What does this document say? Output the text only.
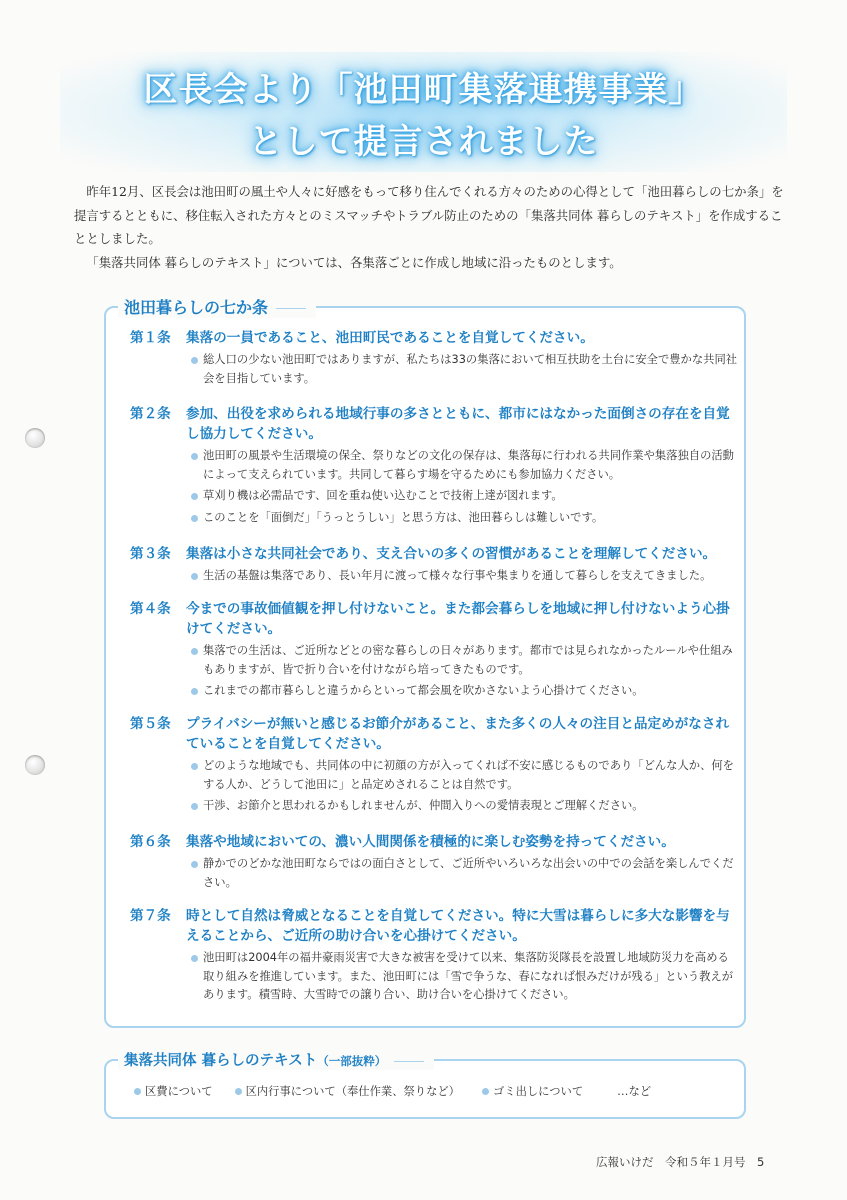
区長会より「池田町集落連携事業」
として提言されました

昨年12月、区長会は池田町の風土や人々に好感をもって移り住んでくれる方々のための心得として「池田暮らしの七か条」を提言するとともに、移住転入された方々とのミスマッチやトラブル防止のための「集落共同体 暮らしのテキスト」を作成することとしました。

「集落共同体 暮らしのテキスト」については、各集落ごとに作成し地域に沿ったものとします。

池田暮らしの七か条
第１条	集落の一員であること、池田町民であることを自覚してください。
総人口の少ない池田町ではありますが、私たちは33の集落において相互扶助を土台に安全で豊かな共同社会を目指しています。
第２条	参加、出役を求められる地域行事の多さとともに、都市にはなかった面倒さの存在を自覚し協力してください。
池田町の風景や生活環境の保全、祭りなどの文化の保存は、集落毎に行われる共同作業や集落独自の活動によって支えられています。共同して暮らす場を守るためにも参加協力ください。
草刈り機は必需品です、回を重ね使い込むことで技術上達が図れます。
このことを「面倒だ」「うっとうしい」と思う方は、池田暮らしは難しいです。
第３条	集落は小さな共同社会であり、支え合いの多くの習慣があることを理解してください。
生活の基盤は集落であり、長い年月に渡って様々な行事や集まりを通して暮らしを支えてきました。
第４条	今までの事故価値観を押し付けないこと。また都会暮らしを地域に押し付けないよう心掛けてください。
集落での生活は、ご近所などとの密な暮らしの日々があります。都市では見られなかったルールや仕組みもありますが、皆で折り合いを付けながら培ってきたものです。
これまでの都市暮らしと違うからといって都会風を吹かさないよう心掛けてください。
第５条	プライバシーが無いと感じるお節介があること、また多くの人々の注目と品定めがなされていることを自覚してください。
どのような地域でも、共同体の中に初顔の方が入ってくれば不安に感じるものであり「どんな人か、何をする人か、どうして池田に」と品定めされることは自然です。
干渉、お節介と思われるかもしれませんが、仲間入りへの愛情表現とご理解ください。
第６条	集落や地域においての、濃い人間関係を積極的に楽しむ姿勢を持ってください。
静かでのどかな池田町ならではの面白さとして、ご近所やいろいろな出会いの中での会話を楽しんでください。
第７条	時として自然は脅威となることを自覚してください。特に大雪は暮らしに多大な影響を与えることから、ご近所の助け合いを心掛けてください。
池田町は2004年の福井豪雨災害で大きな被害を受けて以来、集落防災隊長を設置し地域防災力を高める取り組みを推進しています。また、池田町には「雪で争うな、春になれば恨みだけが残る」という教えがあります。積雪時、大雪時での譲り合い、助け合いを心掛けてください。
集落共同体 暮らしのテキスト（一部抜粋）
区費について	区内行事について（奉仕作業、祭りなど）	ゴミ出しについて	…など
広報いけだ　令和５年１月号　5
